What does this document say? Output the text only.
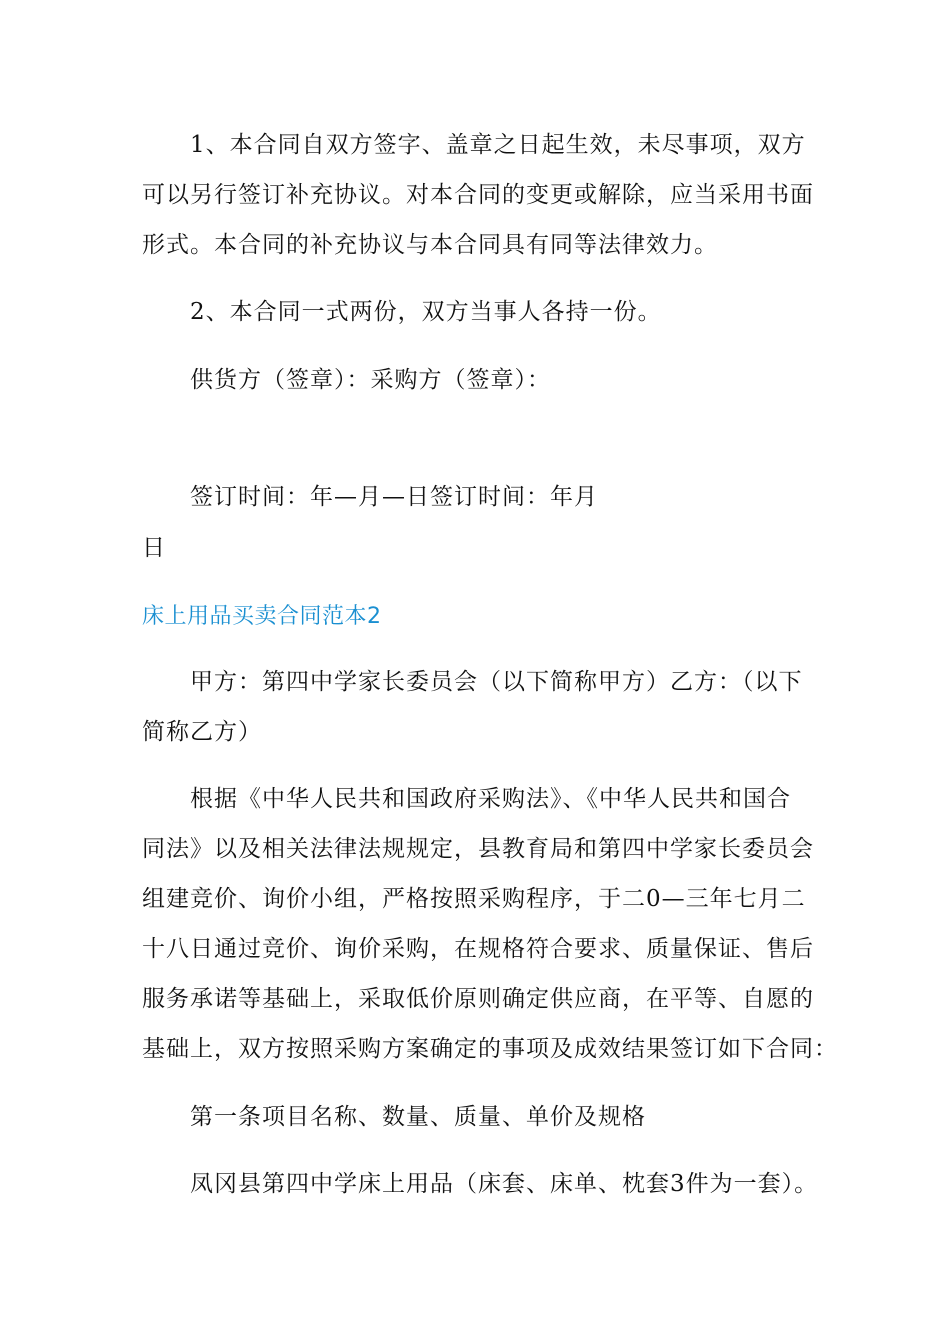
1、本合同自双方签字、盖章之日起生效，未尽事项，双方
可以另行签订补充协议。对本合同的变更或解除，应当采用书面
形式。本合同的补充协议与本合同具有同等法律效力。
2、本合同一式两份，双方当事人各持一份。
供货方（签章）：采购方（签章）：
签订时间：年—月—日签订时间：年月
日
床上用品买卖合同范本2
甲方：第四中学家长委员会（以下简称甲方）乙方：（以下
简称乙方）
根据《中华人民共和国政府采购法》、《中华人民共和国合
同法》以及相关法律法规规定，县教育局和第四中学家长委员会
组建竞价、询价小组，严格按照采购程序，于二0—三年七月二
十八日通过竞价、询价采购，在规格符合要求、质量保证、售后
服务承诺等基础上，采取低价原则确定供应商，在平等、自愿的
基础上，双方按照采购方案确定的事项及成效结果签订如下合同：
第一条项目名称、数量、质量、单价及规格
凤冈县第四中学床上用品（床套、床单、枕套3件为一套）。
